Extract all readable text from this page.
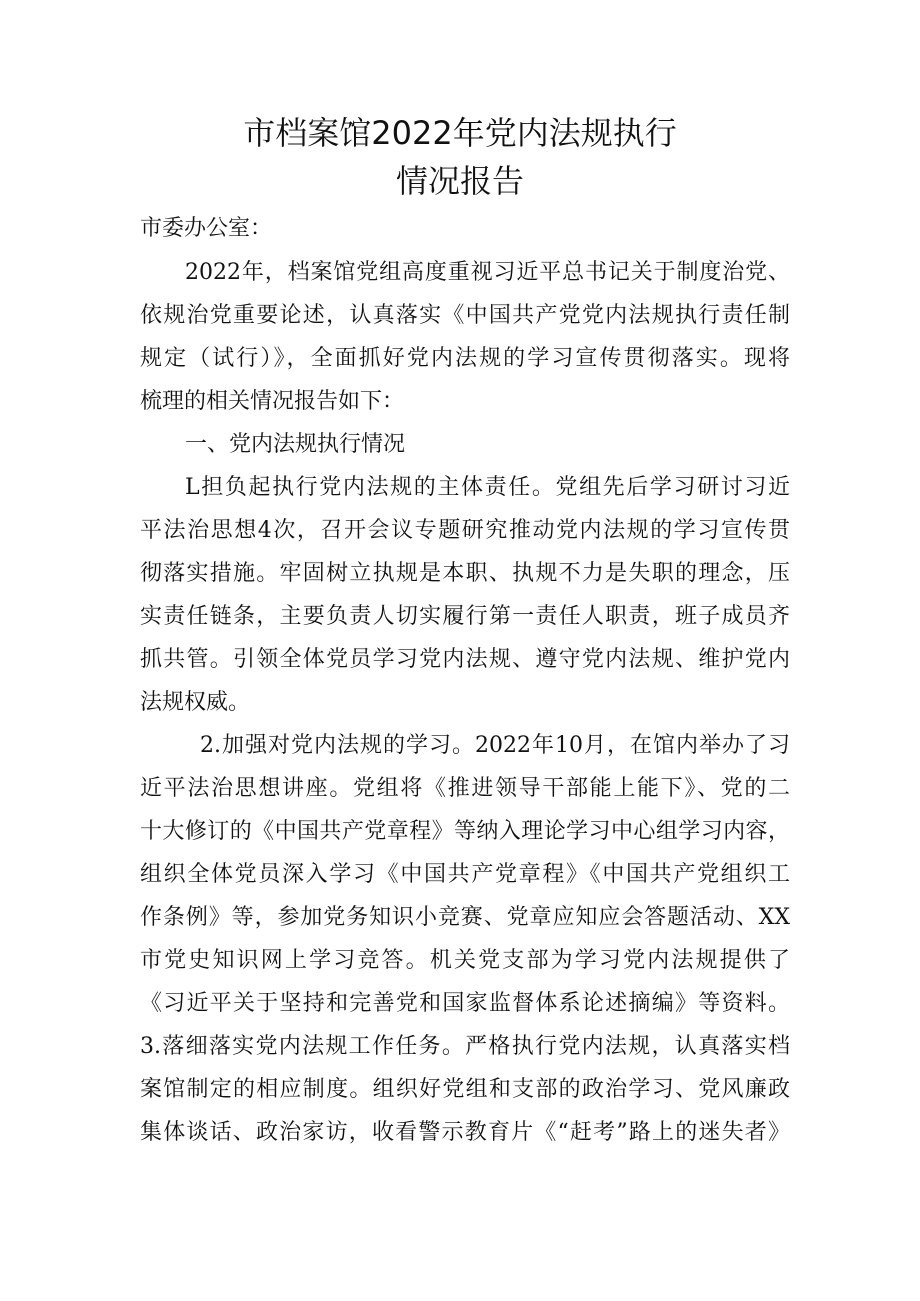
市档案馆2022年党内法规执行
情况报告
市委办公室：
2022年，档案馆党组高度重视习近平总书记关于制度治党、
依规治党重要论述，认真落实《中国共产党党内法规执行责任制
规定（试行）》，全面抓好党内法规的学习宣传贯彻落实。现将
梳理的相关情况报告如下：
一、党内法规执行情况
L担负起执行党内法规的主体责任。党组先后学习研讨习近
平法治思想4次，召开会议专题研究推动党内法规的学习宣传贯
彻落实措施。牢固树立执规是本职、执规不力是失职的理念，压
实责任链条，主要负责人切实履行第一责任人职责，班子成员齐
抓共管。引领全体党员学习党内法规、遵守党内法规、维护党内
法规权威。
2.加强对党内法规的学习。2022年10月，在馆内举办了习
近平法治思想讲座。党组将《推进领导干部能上能下》、党的二
十大修订的《中国共产党章程》等纳入理论学习中心组学习内容，
组织全体党员深入学习《中国共产党章程》《中国共产党组织工
作条例》等，参加党务知识小竞赛、党章应知应会答题活动、XX
市党史知识网上学习竞答。机关党支部为学习党内法规提供了
《习近平关于坚持和完善党和国家监督体系论述摘编》等资料。
3.落细落实党内法规工作任务。严格执行党内法规，认真落实档
案馆制定的相应制度。组织好党组和支部的政治学习、党风廉政
集体谈话、政治家访，收看警示教育片《“赶考”路上的迷失者》
